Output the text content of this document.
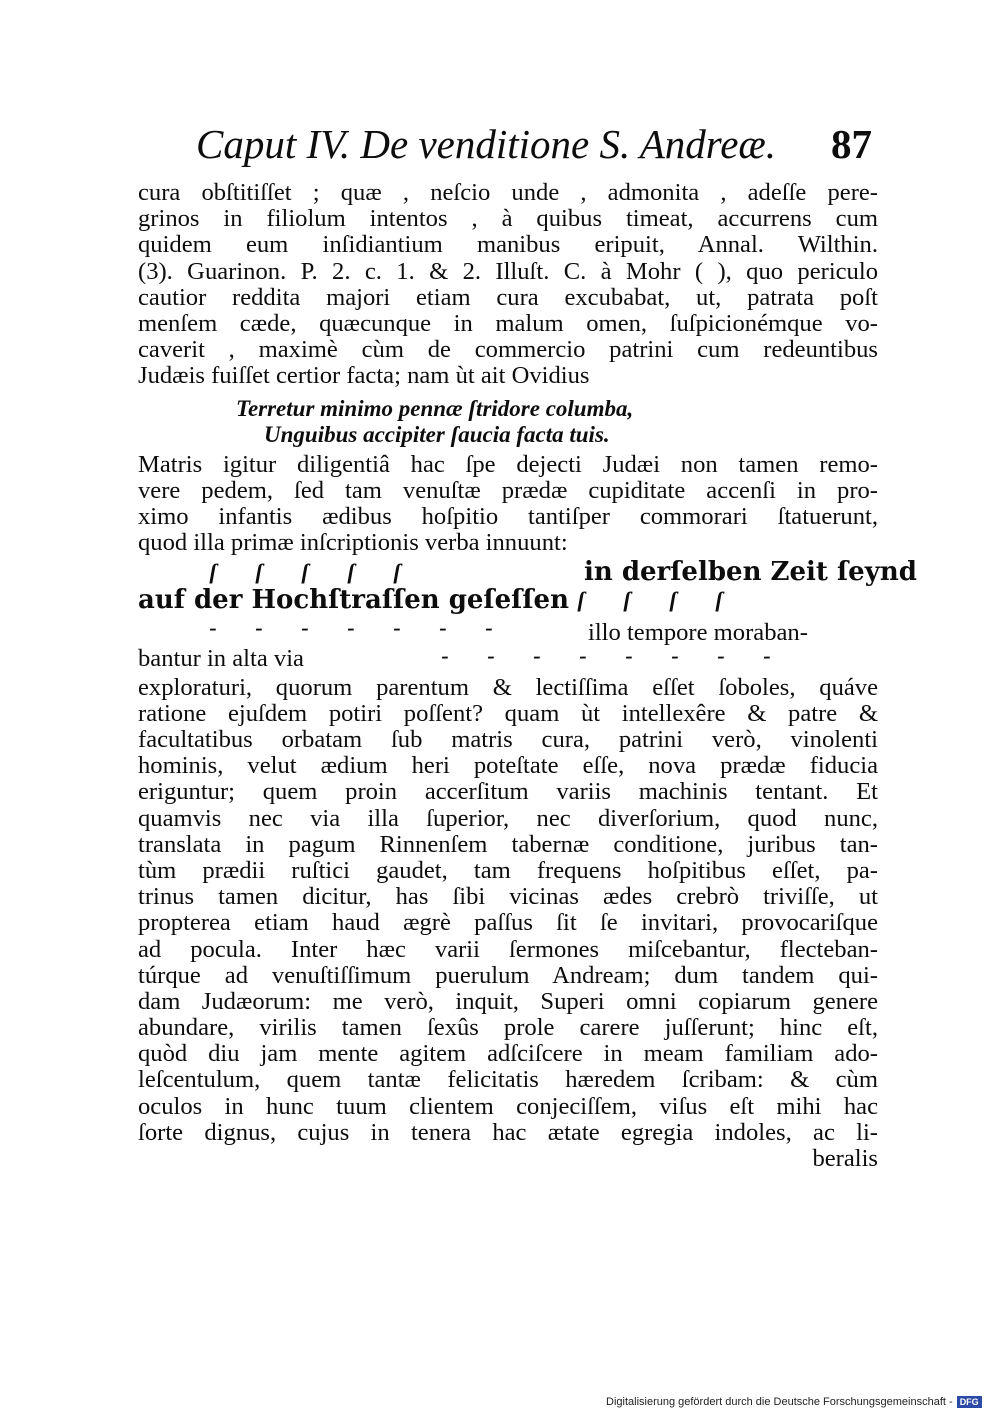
Caput IV. De venditione S. Andreæ. 87
cura obſtitiſſet ; quæ , neſcio unde , admonita , adeſſe pere-
grinos in filiolum intentos , à quibus timeat, accurrens cum
quidem eum inſidiantium manibus eripuit, Annal. Wilthin.
(3). Guarinon. P. 2. c. 1. & 2. Illuſt. C. à Mohr ( ), quo periculo
cautior reddita majori etiam cura excubabat, ut, patrata poſt
menſem cæde, quæcunque in malum omen, ſuſpicionémque vo-
caverit , maximè cùm de commercio patrini cum redeuntibus
Judæis fuiſſet certior facta; nam ùt ait Ovidius
Terretur minimo pennæ ſtridore columba,
Unguibus accipiter ſaucia facta tuis.
Matris igitur diligentiâ hac ſpe dejecti Judæi non tamen remo-
vere pedem, ſed tam venuſtæ prædæ cupiditate accenſi in pro-
ximo infantis ædibus hoſpitio tantiſper commorari ſtatuerunt,
quod illa primæ inſcriptionis verba innuunt:
ſ ſ ſ ſ ſ	in derſelben Zeit ſeynd
auf der Hochſtraſſen geſeſſen ſ ſ ſ ſ
- - - - - - -	illo tempore moraban-
bantur in alta via	- - - - - - - -
exploraturi, quorum parentum & lectiſſima eſſet ſoboles, quáve
ratione ejuſdem potiri poſſent? quam ùt intellexêre & patre &
facultatibus orbatam ſub matris cura, patrini verò, vinolenti
hominis, velut ædium heri poteſtate eſſe, nova prædæ fiducia
eriguntur; quem proin accerſitum variis machinis tentant. Et
quamvis nec via illa ſuperior, nec diverſorium, quod nunc,
translata in pagum Rinnenſem tabernæ conditione, juribus tan-
tùm prædii ruſtici gaudet, tam frequens hoſpitibus eſſet, pa-
trinus tamen dicitur, has ſibi vicinas ædes crebrò triviſſe, ut
propterea etiam haud ægrè paſſus ſit ſe invitari, provocariſque
ad pocula. Inter hæc varii ſermones miſcebantur, flecteban-
túrque ad venuſtiſſimum puerulum Andream; dum tandem qui-
dam Judæorum: me verò, inquit, Superi omni copiarum genere
abundare, virilis tamen ſexûs prole carere juſſerunt; hinc eſt,
quòd diu jam mente agitem adſciſcere in meam familiam ado-
leſcentulum, quem tantæ felicitatis hæredem ſcribam: & cùm
oculos in hunc tuum clientem conjeciſſem, viſus eſt mihi hac
ſorte dignus, cujus in tenera hac ætate egregia indoles, ac li-
beralis
Digitalisierung gefördert durch die Deutsche Forschungsgemeinschaft - DFG
